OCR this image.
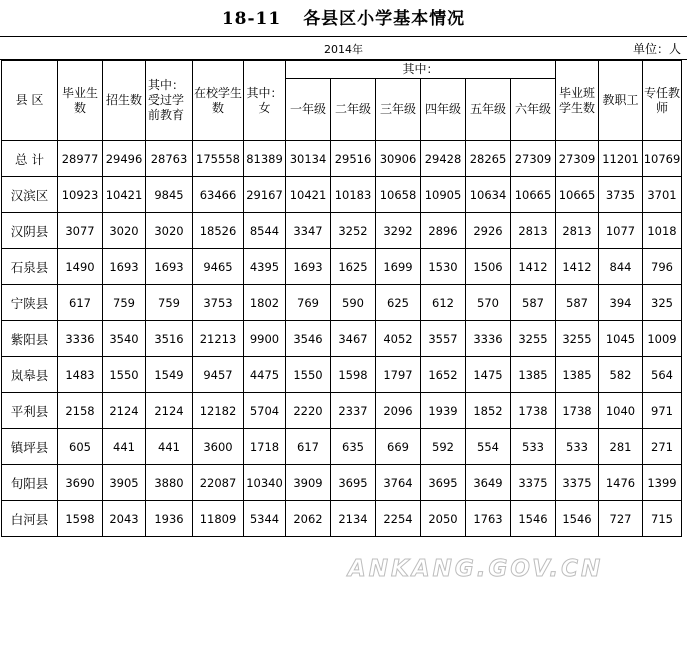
18-11 各县区小学基本情况
2014年	单位：人
县 区	毕业生数	招生数	其中：受过学前教育	在校学生数	其中：女	其中：						毕业班学生数	教职工	专任教师
						一年级	二年级	三年级	四年级	五年级	六年级			
总 计	28977	29496	28763	175558	81389	30134	29516	30906	29428	28265	27309	27309	11201	10769
汉滨区	10923	10421	9845	63466	29167	10421	10183	10658	10905	10634	10665	10665	3735	3701
汉阴县	3077	3020	3020	18526	8544	3347	3252	3292	2896	2926	2813	2813	1077	1018
石泉县	1490	1693	1693	9465	4395	1693	1625	1699	1530	1506	1412	1412	844	796
宁陕县	617	759	759	3753	1802	769	590	625	612	570	587	587	394	325
紫阳县	3336	3540	3516	21213	9900	3546	3467	4052	3557	3336	3255	3255	1045	1009
岚皋县	1483	1550	1549	9457	4475	1550	1598	1797	1652	1475	1385	1385	582	564
平利县	2158	2124	2124	12182	5704	2220	2337	2096	1939	1852	1738	1738	1040	971
镇坪县	605	441	441	3600	1718	617	635	669	592	554	533	533	281	271
旬阳县	3690	3905	3880	22087	10340	3909	3695	3764	3695	3649	3375	3375	1476	1399
白河县	1598	2043	1936	11809	5344	2062	2134	2254	2050	1763	1546	1546	727	715
ANKANG.GOV.CN
